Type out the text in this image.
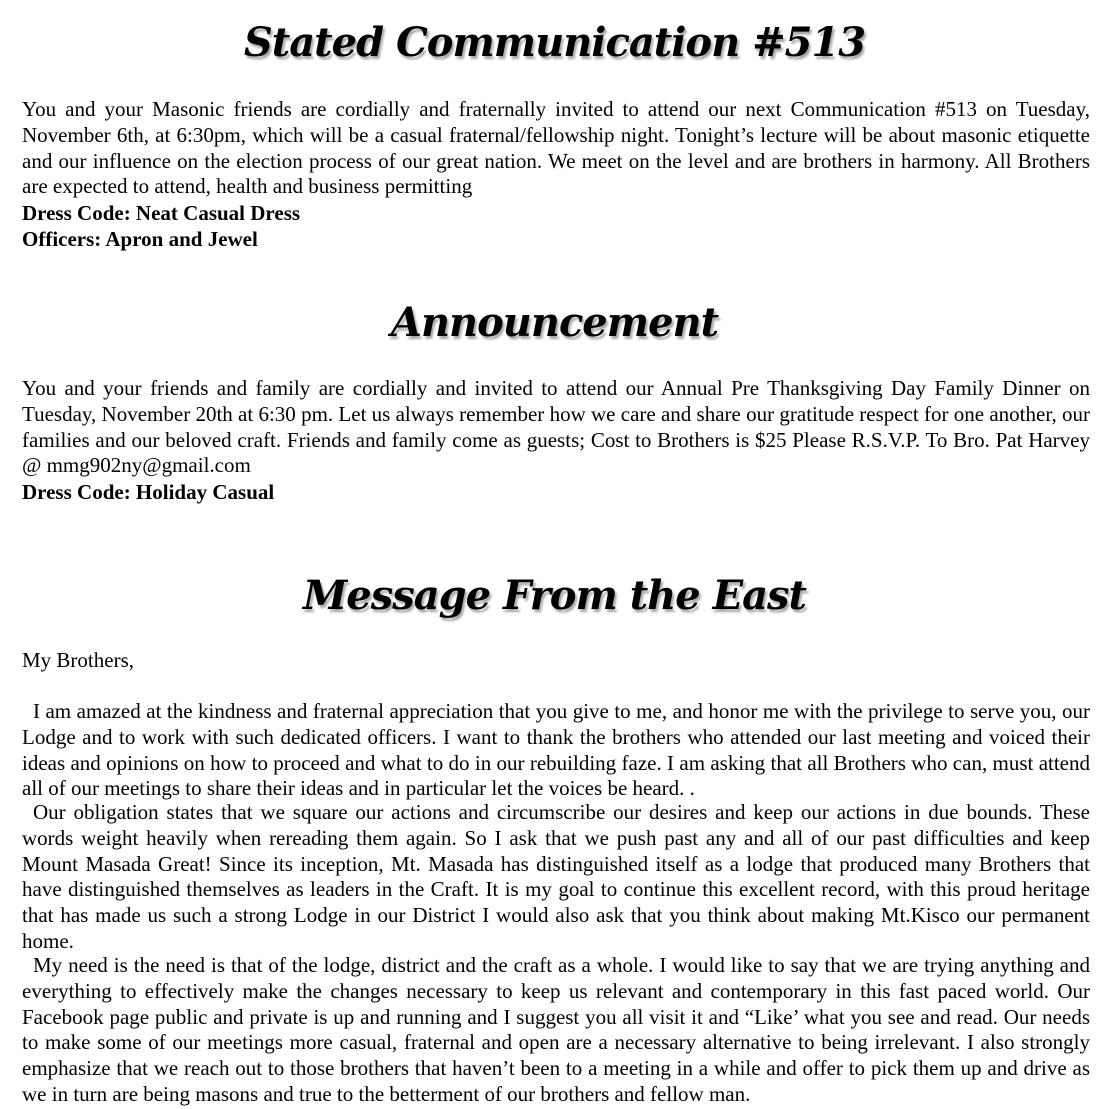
Stated Communication #513

You and your Masonic friends are cordially and fraternally invited to attend our next Communication #513 on Tuesday, November 6th, at 6:30pm, which will be a casual fraternal/fellowship night. Tonight’s lecture will be about masonic etiquette and our influence on the election process of our great nation. We meet on the level and are brothers in harmony. All Brothers are expected to attend, health and business permitting

Dress Code: Neat Casual Dress
Officers: Apron and Jewel
Announcement

You and your friends and family are cordially and invited to attend our Annual Pre Thanksgiving Day Family Dinner on Tuesday, November 20th at 6:30 pm. Let us always remember how we care and share our gratitude respect for one another, our families and our beloved craft. Friends and family come as guests; Cost to Brothers is $25 Please R.S.V.P. To Bro. Pat Harvey @ mmg902ny@gmail.com

Dress Code: Holiday Casual
Message From the East
My Brothers,

I am amazed at the kindness and fraternal appreciation that you give to me, and honor me with the privilege to serve you, our Lodge and to work with such dedicated officers. I want to thank the brothers who attended our last meeting and voiced their ideas and opinions on how to proceed and what to do in our rebuilding faze. I am asking that all Brothers who can, must attend all of our meetings to share their ideas and in particular let the voices be heard. .

Our obligation states that we square our actions and circumscribe our desires and keep our actions in due bounds. These words weight heavily when rereading them again. So I ask that we push past any and all of our past difficulties and keep Mount Masada Great! Since its inception, Mt. Masada has distinguished itself as a lodge that produced many Brothers that have distinguished themselves as leaders in the Craft. It is my goal to continue this excellent record, with this proud heritage that has made us such a strong Lodge in our District I would also ask that you think about making Mt.Kisco our permanent home.

My need is the need is that of the lodge, district and the craft as a whole. I would like to say that we are trying anything and everything to effectively make the changes necessary to keep us relevant and contemporary in this fast paced world. Our Facebook page public and private is up and running and I suggest you all visit it and “Like’ what you see and read. Our needs to make some of our meetings more casual, fraternal and open are a necessary alternative to being irrelevant. I also strongly emphasize that we reach out to those brothers that haven’t been to a meeting in a while and offer to pick them up and drive as we in turn are being masons and true to the betterment of our brothers and fellow man.
